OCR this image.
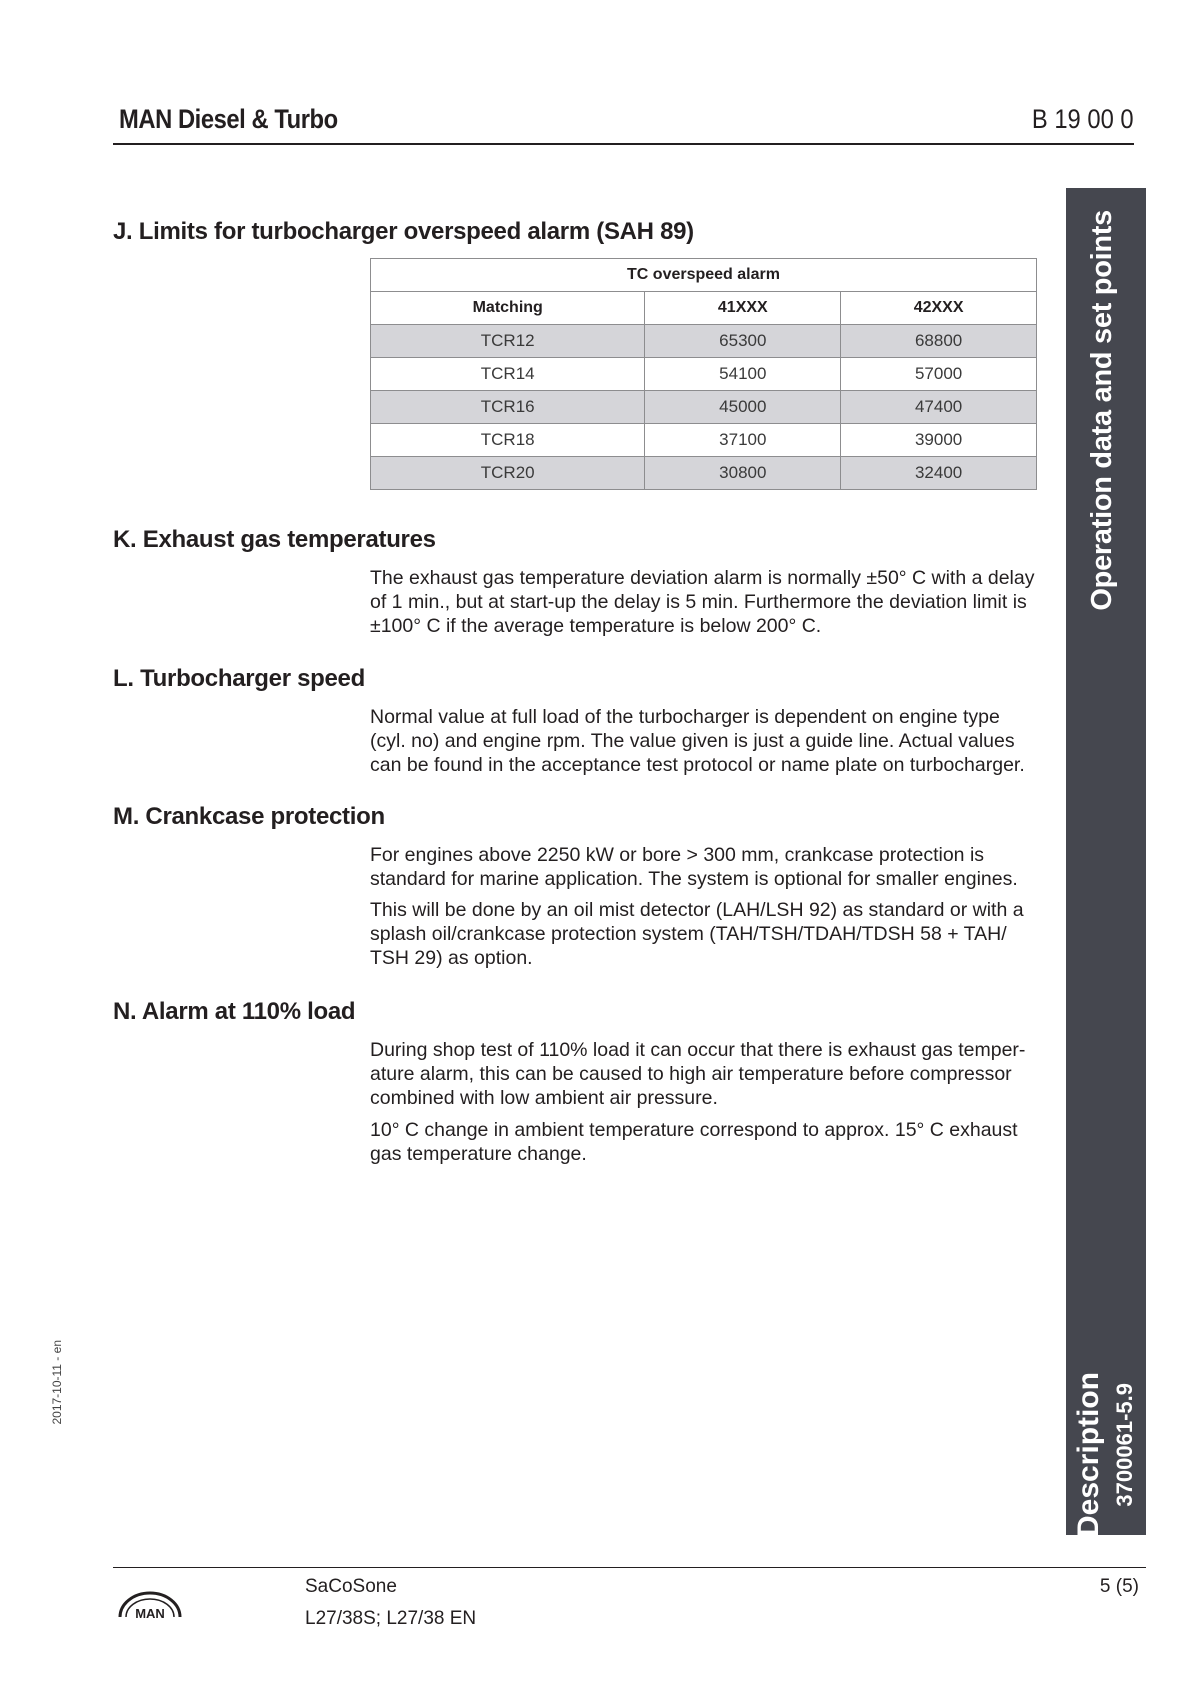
MAN Diesel & Turbo	B 19 00 0
Operation data and set points
Description 3700061-5.9
J. Limits for turbocharger overspeed alarm (SAH 89)
TC overspeed alarm		
Matching	41XXX	42XXX
TCR12	65300	68800
TCR14	54100	57000
TCR16	45000	47400
TCR18	37100	39000
TCR20	30800	32400
K. Exhaust gas temperatures
The exhaust gas temperature deviation alarm is normally ±50° C with a delay of 1 min., but at start-up the delay is 5 min. Furthermore the deviation limit is ±100° C if the average temperature is below 200° C.
L. Turbocharger speed
Normal value at full load of the turbocharger is dependent on engine type (cyl. no) and engine rpm. The value given is just a guide line. Actual values can be found in the acceptance test protocol or name plate on turbocharger.
M. Crankcase protection
For engines above 2250 kW or bore > 300 mm, crankcase protection is standard for marine application. The system is optional for smaller engines.
This will be done by an oil mist detector (LAH/LSH 92) as standard or with a splash oil/crankcase protection system (TAH/TSH/TDAH/TDSH 58 + TAH/ TSH 29) as option.
N. Alarm at 110% load
During shop test of 110% load it can occur that there is exhaust gas temper- ature alarm, this can be caused to high air temperature before compressor combined with low ambient air pressure.
10° C change in ambient temperature correspond to approx. 15° C exhaust gas temperature change.
2017-10-11 - en
MAN
SaCoSone
L27/38S; L27/38 EN
5 (5)
